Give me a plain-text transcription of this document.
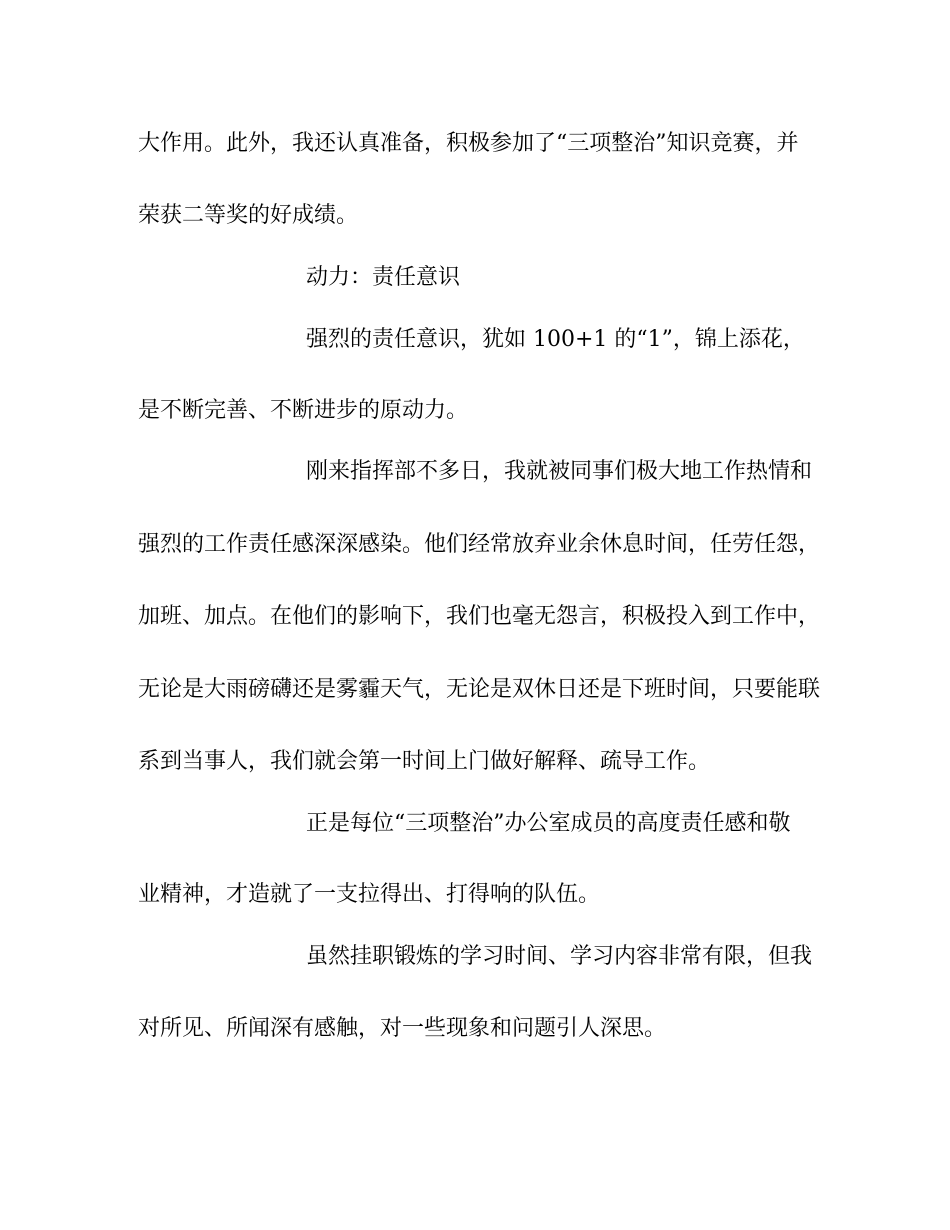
大作用。此外，我还认真准备，积极参加了“三项整治”知识竞赛，并
荣获二等奖的好成绩。
动力：责任意识
强烈的责任意识，犹如 100+1 的“1”，锦上添花，
是不断完善、不断进步的原动力。
刚来指挥部不多日，我就被同事们极大地工作热情和
强烈的工作责任感深深感染。他们经常放弃业余休息时间，任劳任怨，
加班、加点。在他们的影响下，我们也毫无怨言，积极投入到工作中，
无论是大雨磅礴还是雾霾天气，无论是双休日还是下班时间，只要能联
系到当事人，我们就会第一时间上门做好解释、疏导工作。
正是每位“三项整治”办公室成员的高度责任感和敬
业精神，才造就了一支拉得出、打得响的队伍。
虽然挂职锻炼的学习时间、学习内容非常有限，但我
对所见、所闻深有感触，对一些现象和问题引人深思。
